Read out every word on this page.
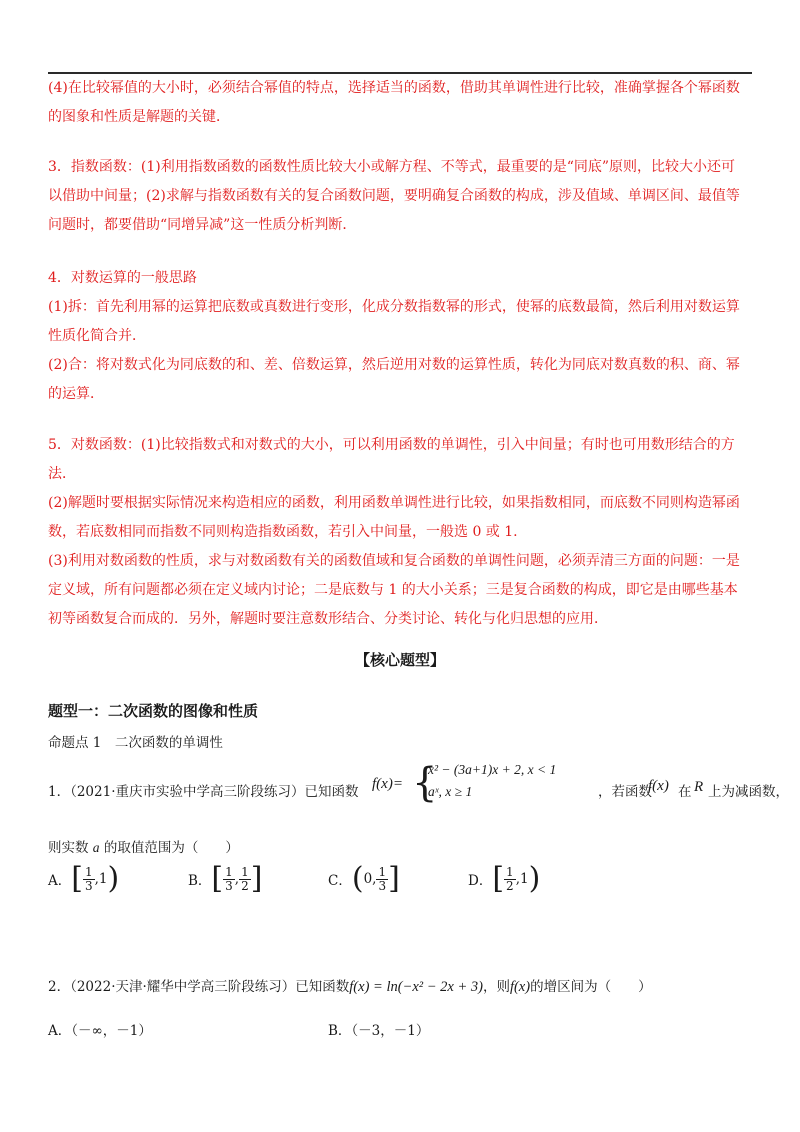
(4)在比较幂值的大小时，必须结合幂值的特点，选择适当的函数，借助其单调性进行比较，准确掌握各个幂函数
的图象和性质是解题的关键．
3．指数函数：(1)利用指数函数的函数性质比较大小或解方程、不等式，最重要的是“同底”原则，比较大小还可
以借助中间量；(2)求解与指数函数有关的复合函数问题，要明确复合函数的构成，涉及值域、单调区间、最值等
问题时，都要借助“同增异减”这一性质分析判断．
4．对数运算的一般思路
(1)拆：首先利用幂的运算把底数或真数进行变形，化成分数指数幂的形式，使幂的底数最简，然后利用对数运算
性质化简合并．
(2)合：将对数式化为同底数的和、差、倍数运算，然后逆用对数的运算性质，转化为同底对数真数的积、商、幂
的运算．
5．对数函数：(1)比较指数式和对数式的大小，可以利用函数的单调性，引入中间量；有时也可用数形结合的方法．
(2)解题时要根据实际情况来构造相应的函数，利用函数单调性进行比较，如果指数相同，而底数不同则构造幂函
数，若底数相同而指数不同则构造指数函数，若引入中间量，一般选 0 或 1.
(3)利用对数函数的性质，求与对数函数有关的函数值域和复合函数的单调性问题，必须弄清三方面的问题：一是
定义域，所有问题都必须在定义域内讨论；二是底数与 1 的大小关系；三是复合函数的构成，即它是由哪些基本
初等函数复合而成的．另外，解题时要注意数形结合、分类讨论、转化与化归思想的应用．
【核心题型】
题型一：二次函数的图像和性质
命题点 1　二次函数的单调性
1．（2021·重庆市实验中学高三阶段练习）已知函数 f(x)= {
x² − (3a+1)x + 2, x < 1
aˣ, x ≥ 1	，若函数
f(x) 在 R 上为减函数，
则实数 a 的取值范围为（　　）
A． [ $\frac{1}{3}$ , 1 )	B． [ $\frac{1}{3}$ , $\frac{1}{2}$ ]	C． ( 0 , $\frac{1}{3}$ ]	D． [ $\frac{1}{2}$ , 1 )
2．（2022·天津·耀华中学高三阶段练习）已知函数f(x) = ln(−x² − 2x + 3)，则f(x)的增区间为（　　）
A．（－∞，－1）	B．（－3，－1）
